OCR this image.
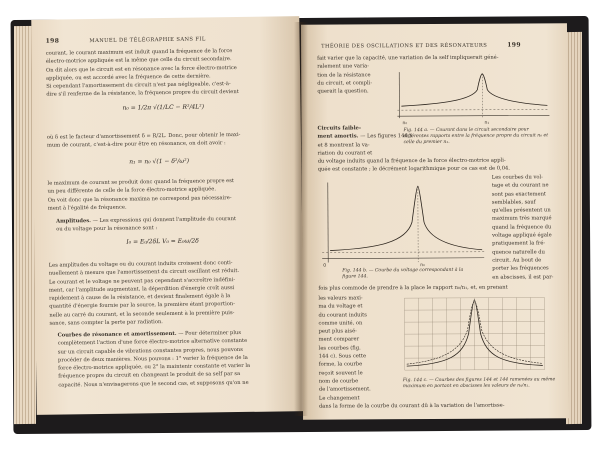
198	MANUEL DE TÉLÉGRAPHIE SANS FIL
courant, le courant maximum est induit quand la fréquence de la force
électro-motrice appliquée est la même que celle du circuit secondaire.
On dit alors que le circuit est en résonance avec la force électro-motrice
appliquée, ou est accordé avec la fréquence de cette dernière.
Si cependant l'amortissement du circuit n'est pas négligeable, c'est-à-
dire s'il renferme de la résistance, la fréquence propre du circuit devient
n₀ = 1/2π √(1/LC − R²/4L²)
où δ est le facteur d'amortissement δ = R/2L. Donc, pour obtenir le maxi-
mum de courant, c'est-à-dire pour être en résonance, on doit avoir :
n₁ = n₀ √(1 − δ²/ω²)
le maximum de courant se produit donc quand la fréquence propre est
un peu différente de celle de la force électro-motrice appliquée.
On voit donc que la résonance maxima ne correspond pas nécessaire-
ment à l'égalité de fréquence.
Amplitudes. — Les expressions qui donnent l'amplitude du courant
ou du voltage pour la résonance sont :
I₀ = E₀/2δL V₀ = E₀ω/2δ
Les amplitudes du voltage ou du courant induits croissent donc conti-
nuellement à mesure que l'amortissement du circuit oscillant est réduit.
Le courant et le voltage ne peuvent pas cependant s'accroître indéfini-
ment, car l'amplitude augmentant, la déperdition d'énergie croît aussi
rapidement à cause de la résistance, et devient finalement égale à la
quantité d'énergie fournie par la source, la première étant proportion-
nelle au carré du courant, et la seconde seulement à la première puis-
sance, sans compter la perte par radiation.
Courbes de résonance et amortissement. — Pour déterminer plus
complètement l'action d'une force électro-motrice alternative constante
sur un circuit capable de vibrations constantes propres, nous pouvons
procéder de deux manières. Nous pouvons : 1° varier la fréquence de la
force électro-motrice appliquée, ou 2° la maintenir constante et varier la
fréquence propre du circuit en changeant le produit de sa self par sa
capacité. Nous n'envisagerons que le second cas, et supposons qu'on ne
THÉORIE DES OSCILLATIONS ET DES RÉSONATEURS	199
fait varier que la capacité, une variation de la self impliquerait géné-
ralement une varia-
tion de la résistance
du circuit, et compli-
querait la question.
n₀	n₁
Fig. 144 a. — Courant dans le circuit secondaire pour différentes rapports entre la fréquence propre du circuit n₀ et celle du premier n₁.
Circuits faible-
ment amortis. — Les figures 144 a
et 8 montrent la va-
riation du courant et
du voltage induits quand la fréquence de la force électro-motrice appli-
quée est constante ; le décrément logarithmique pour ce cas est de 0,04.
0	n₀
Fig. 144 b. — Courbe du voltage correspondant à la figure 144.
Les courbes du vol-
tage et du courant ne
sont pas exactement
semblables, sauf
qu'elles présentent un
maximum très marqué
quand la fréquence du
voltage appliqué égale
pratiquement la fré-
quence naturelle du
circuit. Au bout de
porter les fréquences
en abscisses, il est par-
fois plus commode de prendre à la place le rapport n₀/n₁, et, en prenant
les valeurs maxi-
ma du voltage et
du courant induits
comme unité, on
peut plus aisé-
ment comparer
les courbes (fig.
144 c). Sous cette
forme, la courbe
reçoit souvent le
nom de courbe
de l'amortissement.
Le changement
dans la forme de la courbe du courant dû à la variation de l'amortisse-
Fig. 144 c. — Courbes des figures 144 et 144 ramenées au même maximum en portant en abscisses les valeurs de n₀/n₁.
